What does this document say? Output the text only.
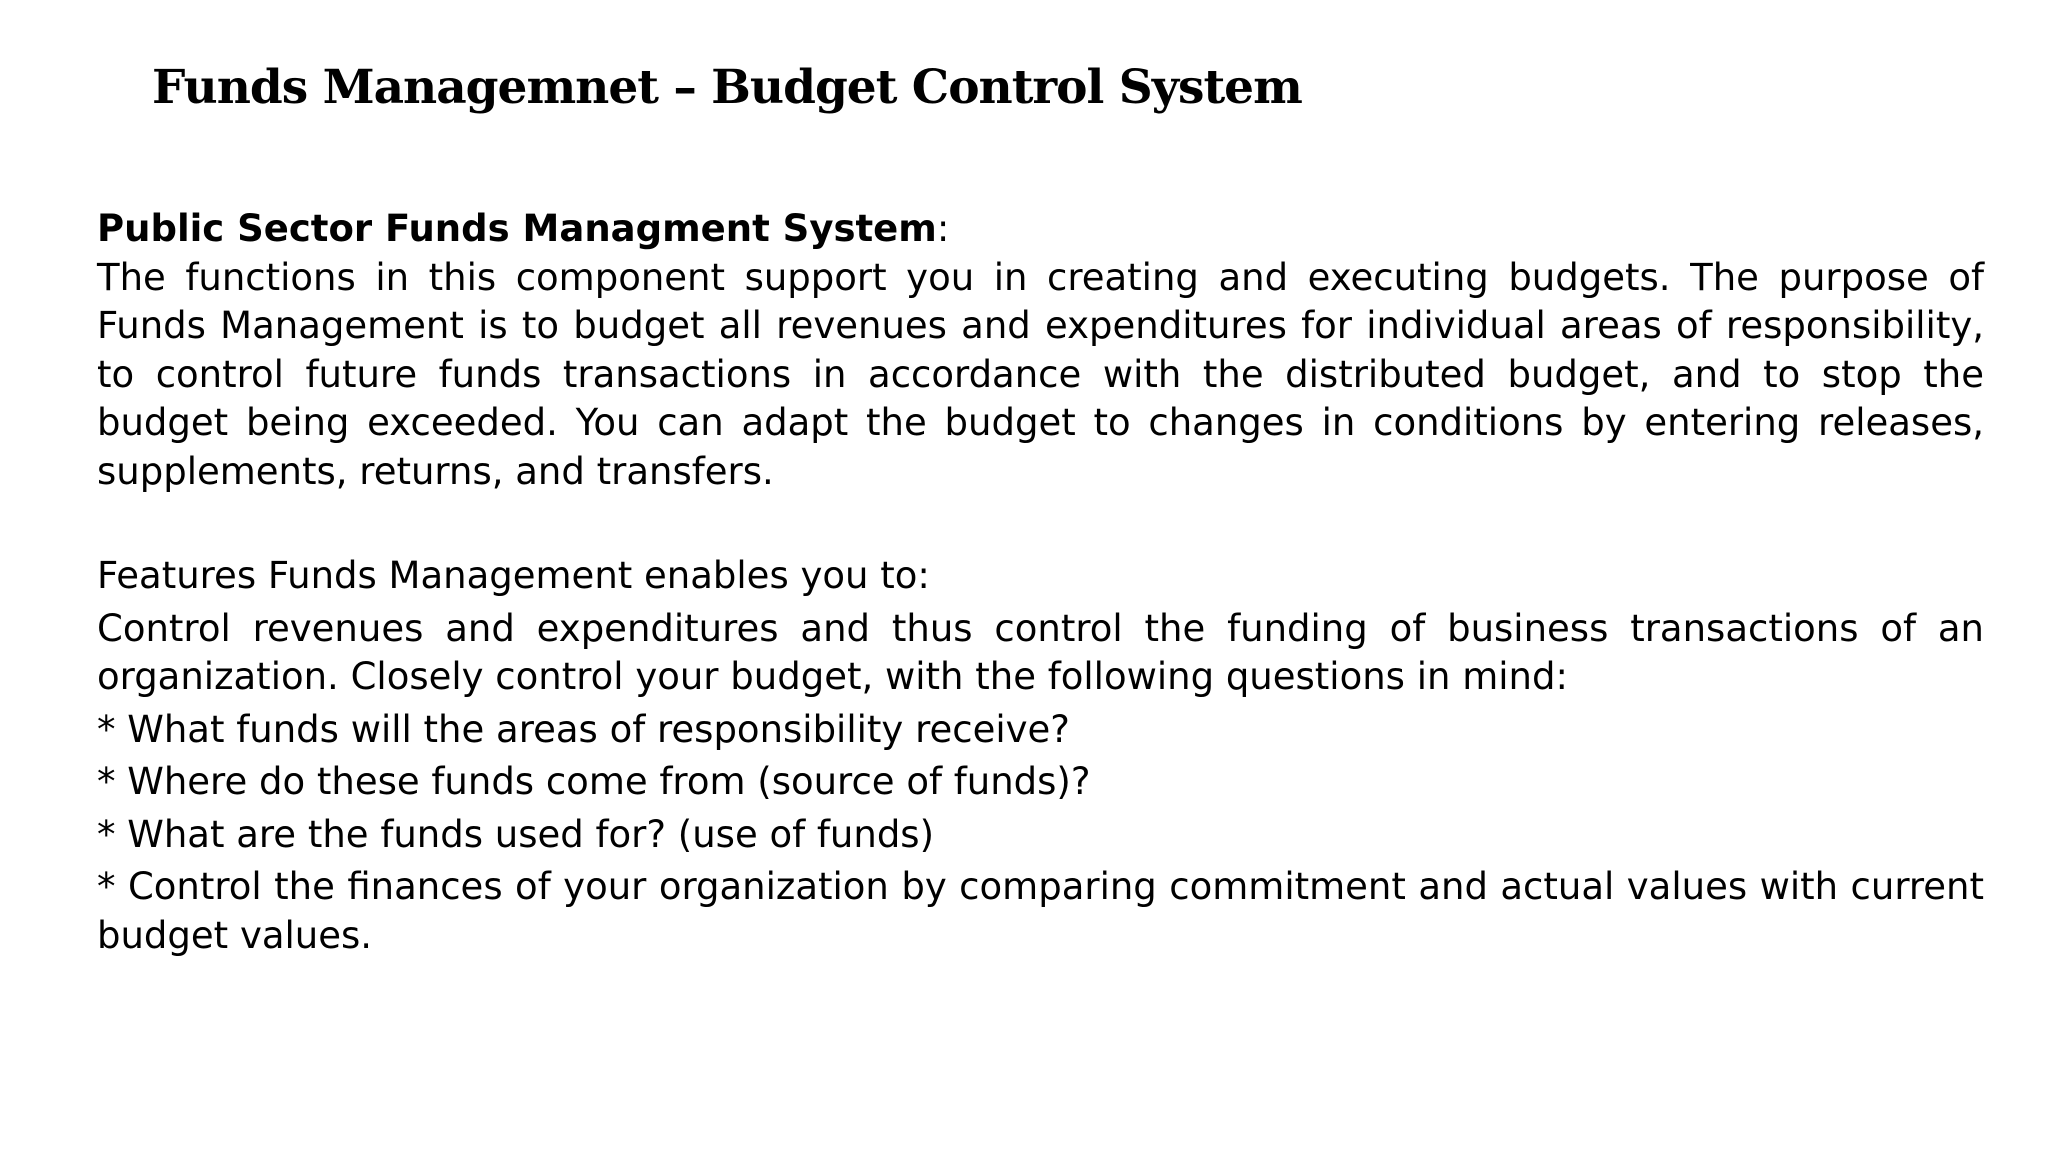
Funds Managemnet – Budget Control System

Public Sector Funds Managment System:

The functions in this component support you in creating and executing budgets. The purpose of Funds Management is to budget all revenues and expenditures for individual areas of responsibility, to control future funds transactions in accordance with the distributed budget, and to stop the budget being exceeded. You can adapt the budget to changes in conditions by entering releases, supplements, returns, and transfers.

Features Funds Management enables you to:

Control revenues and expenditures and thus control the funding of business transactions of an organization. Closely control your budget, with the following questions in mind:

* What funds will the areas of responsibility receive?

* Where do these funds come from (source of funds)?

* What are the funds used for? (use of funds)

* Control the finances of your organization by comparing commitment and actual values with current budget values.
